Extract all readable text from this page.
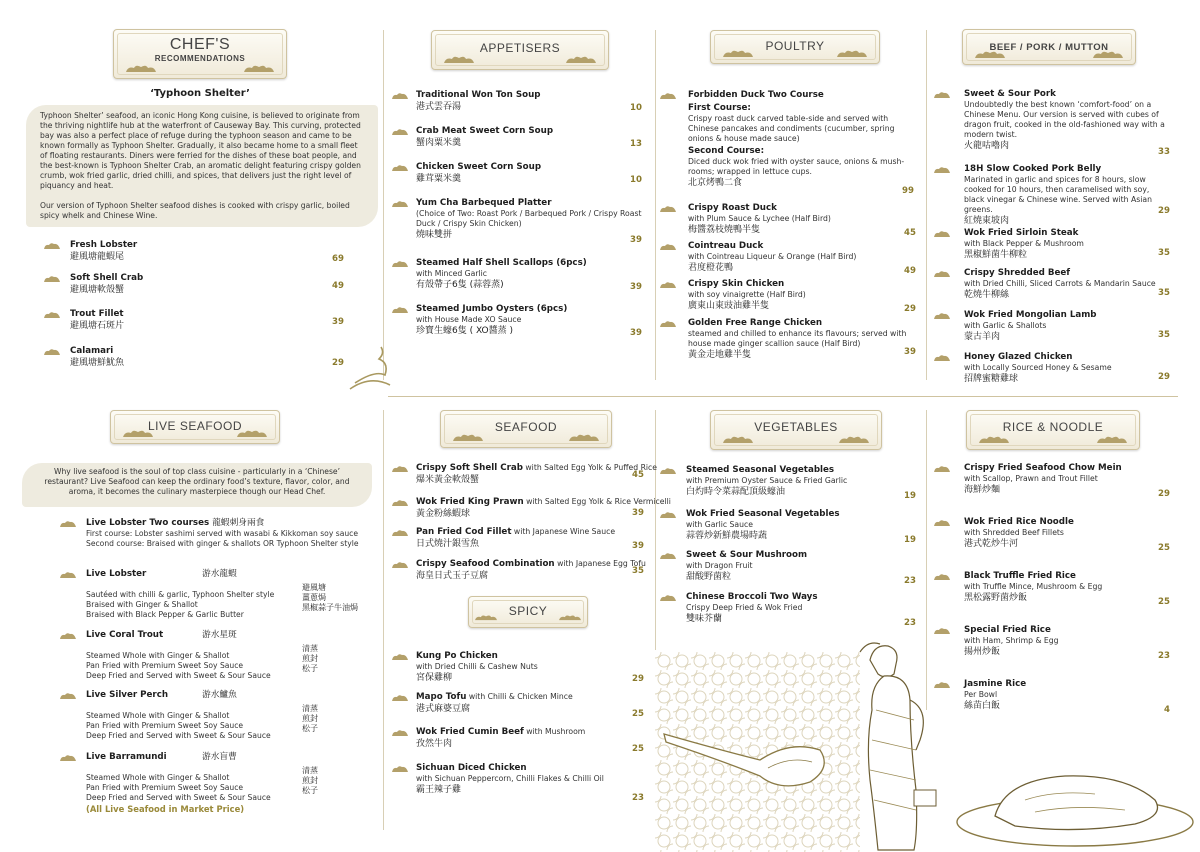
CHEF'S
RECOMMENDATIONS
‘Typhoon Shelter’
Typhoon Shelter’ seafood, an iconic Hong Kong cuisine, is believed to originate from the thriving nightlife hub at the waterfront of Causeway Bay. This curving, protected bay was also a perfect place of refuge during the typhoon season and came to be known formally as Typhoon Shelter. Gradually, it also became home to a small fleet of floating restaurants. Diners were ferried for the dishes of these boat people, and the best-known is Typhoon Shelter Crab, an aromatic delight featuring crispy golden crumb, wok fried garlic, dried chilli, and spices, that delivers just the right level of piquancy and heat.
Our version of Typhoon Shelter seafood dishes is cooked with crispy garlic, boiled spicy whelk and Chinese Wine.
Fresh Lobster
避風塘龍蝦尾	69
Soft Shell Crab
避風塘軟殼蟹	49
Trout Fillet
避風塘石斑片	39
Calamari
避風塘鮮魷魚	29
APPETISERS
Traditional Won Ton Soup
港式雲吞湯	10
Crab Meat Sweet Corn Soup
蟹肉粟米羹	13
Chicken Sweet Corn Soup
雞茸粟米羹	10
Yum Cha Barbequed Platter
(Choice of Two: Roast Pork / Barbequed Pork / Crispy Roast Duck / Crispy Skin Chicken)
燒味雙拼	39
Steamed Half Shell Scallops (6pcs)
with Minced Garlic
有殼帶子6隻 (蒜蓉蒸)	39
Steamed Jumbo Oysters (6pcs)
with House Made XO Sauce
珍寶生蠔6隻 ( XO醬蒸 )	39
POULTRY
Forbidden Duck Two Course
First Course:
Crispy roast duck carved table-side and served with Chinese pancakes and condiments (cucumber, spring onions & house made sauce)
Second Course:
Diced duck wok fried with oyster sauce, onions & mush-rooms; wrapped in lettuce cups.
北京烤鴨二食
99
Crispy Roast Duck
with Plum Sauce & Lychee (Half Bird)
梅醬荔枝燒鴨半隻	45
Cointreau Duck
with Cointreau Liqueur & Orange (Half Bird)
君度橙花鴨	49
Crispy Skin Chicken
with soy vinaigrette (Half Bird)
廣東山東豉油雞半隻	29
Golden Free Range Chicken
steamed and chilled to enhance its flavours; served with house made ginger scallion sauce (Half Bird)
黃金走地雞半隻	39
BEEF / PORK / MUTTON
Sweet & Sour Pork
Undoubtedly the best known ‘comfort-food’ on a Chinese Menu. Our version is served with cubes of dragon fruit, cooked in the old-fashioned way with a modern twist.
火龍咕嚕肉
33
18H Slow Cooked Pork Belly
Marinated in garlic and spices for 8 hours, slow cooked for 10 hours, then caramelised with soy, black vinegar & Chinese wine. Served with Asian greens.
紅燒東坡肉
29
Wok Fried Sirloin Steak
with Black Pepper & Mushroom
黑椒鮮菌牛柳粒	35
Crispy Shredded Beef
with Dried Chilli, Sliced Carrots & Mandarin Sauce
乾燒牛柳絲	35
Wok Fried Mongolian Lamb
with Garlic & Shallots
蒙古羊肉	35
Honey Glazed Chicken
with Locally Sourced Honey & Sesame
招牌蜜糖雞球	29
LIVE SEAFOOD
Why live seafood is the soul of top class cuisine - particularly in a ‘Chinese’ restaurant? Live Seafood can keep the ordinary food’s texture, flavor, color, and aroma, it becomes the culinary masterpiece though our Head Chef.
Live Lobster Two courses 龍蝦刺身兩食
First course: Lobster sashimi served with wasabi & Kikkoman soy sauce
Second course: Braised with ginger & shallots OR Typhoon Shelter style
Live Lobster	游水龍蝦
Sautéed with chilli & garlic, Typhoon Shelter style
避風塘
Braised with Ginger & Shallot
薑蔥焗
Braised with Black Pepper & Garlic Butter
黑椒蒜子牛油焗
Live Coral Trout	游水星斑
Steamed Whole with Ginger & Shallot
清蒸
Pan Fried with Premium Sweet Soy Sauce
煎封
Deep Fried and Served with Sweet & Sour Sauce
松子
Live Silver Perch	游水鱸魚
Steamed Whole with Ginger & Shallot
清蒸
Pan Fried with Premium Sweet Soy Sauce
煎封
Deep Fried and Served with Sweet & Sour Sauce
松子
Live Barramundi	游水盲曹
Steamed Whole with Ginger & Shallot
清蒸
Pan Fried with Premium Sweet Soy Sauce
煎封
Deep Fried and Served with Sweet & Sour Sauce
松子
(All Live Seafood in Market Price)
SEAFOOD
Crispy Soft Shell Crab with Salted Egg Yolk & Puffed Rice
爆米黃金軟殼蟹	45
Wok Fried King Prawn with Salted Egg Yolk & Rice Vermicelli
黃金粉絲蝦球	39
Pan Fried Cod Fillet with Japanese Wine Sauce
日式燒汁銀雪魚	39
Crispy Seafood Combination with Japanese Egg Tofu
海皇日式玉子豆腐	35
SPICY
Kung Po Chicken
with Dried Chilli & Cashew Nuts
宮保雞柳	29
Mapo Tofu with Chilli & Chicken Mince
港式麻婆豆腐	25
Wok Fried Cumin Beef with Mushroom
孜然牛肉	25
Sichuan Diced Chicken
with Sichuan Peppercorn, Chilli Flakes & Chilli Oil
霸王辣子雞
23
VEGETABLES
Steamed Seasonal Vegetables
with Premium Oyster Sauce & Fried Garlic
白灼時令菜蒜配頂級蠔油	19
Wok Fried Seasonal Vegetables
with Garlic Sauce
蒜蓉炒新鮮農場時蔬	19
Sweet & Sour Mushroom
with Dragon Fruit
甜酸野菌粒	23
Chinese Broccoli Two Ways
Crispy Deep Fried & Wok Fried
雙味芥蘭	23
RICE & NOODLE
Crispy Fried Seafood Chow Mein
with Scallop, Prawn and Trout Fillet
海鮮炒麵	29
Wok Fried Rice Noodle
with Shredded Beef Fillets
港式乾炒牛河	25
Black Truffle Fried Rice
with Truffle Mince, Mushroom & Egg
黑松露野菌炒飯	25
Special Fried Rice
with Ham, Shrimp & Egg
揚州炒飯	23
Jasmine Rice
Per Bowl
絲苗白飯	4
